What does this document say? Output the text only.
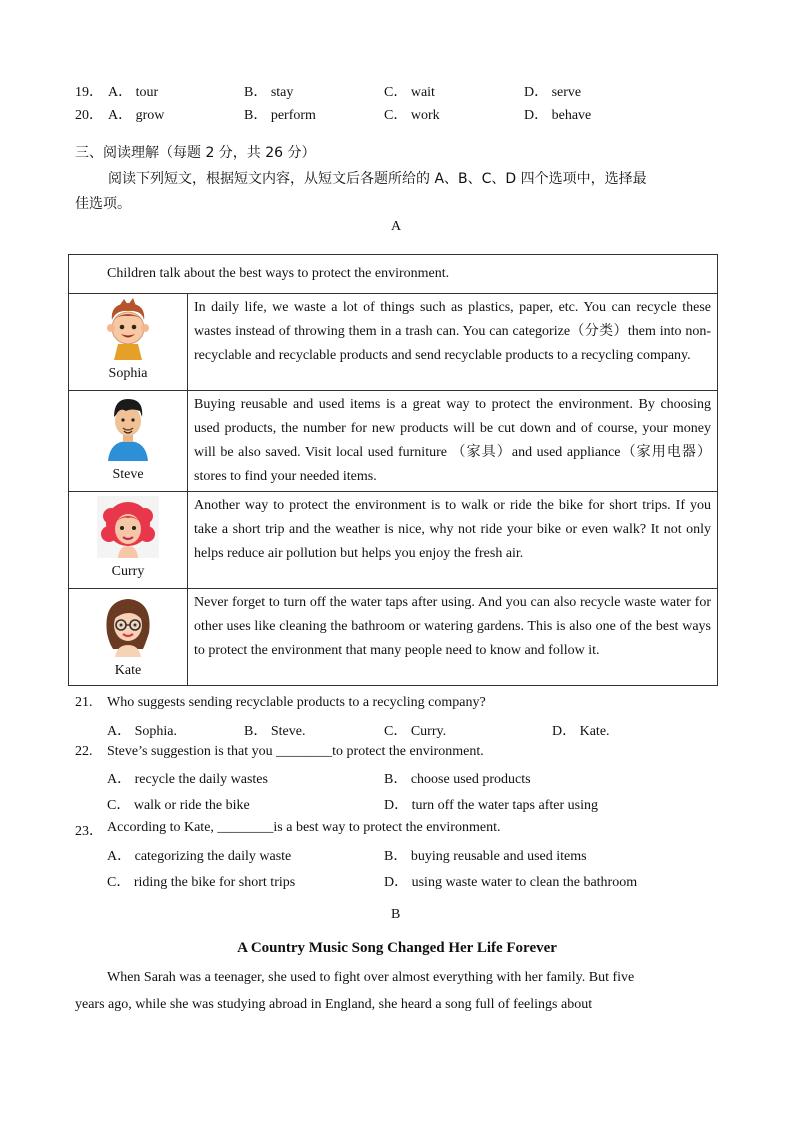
19． A． tour	B． stay	C． wait	D． serve
20． A． grow	B． perform	C． work	D． behave
三、阅读理解（每题 2 分，共 26 分）
阅读下列短文，根据短文内容，从短文后各题所给的 A、B、C、D 四个选项中，选择最
佳选项。
A
Children talk about the best ways to protect the environment.	

Sophia	In daily life, we waste a lot of things such as plastics, paper, etc. You can recycle these wastes instead of throwing them in a trash can. You can categorize（分类）them into non-recyclable and recyclable products and send recyclable products to a recycling company.

Steve	Buying reusable and used items is a great way to protect the environment. By choosing used products, the number for new products will be cut down and of course, your money will be also saved. Visit local used furniture （家具）and used appliance（家用电器）stores to find your needed items.

Curry	Another way to protect the environment is to walk or ride the bike for short trips. If you take a short trip and the weather is nice, why not ride your bike or even walk? It not only helps reduce air pollution but helps you enjoy the fresh air.

Kate	Never forget to turn off the water taps after using. And you can also recycle waste water for other uses like cleaning the bathroom or watering gardens. This is also one of the best ways to protect the environment that many people need to know and follow it.
21. Who suggests sending recyclable products to a recycling company?
A． Sophia.	B． Steve.	C． Curry.	D． Kate.
22. Steve’s suggestion is that you ________to protect the environment.
A． recycle the daily wastes	B． choose used products
C． walk or ride the bike	D． turn off the water taps after using
23． According to Kate, ________is a best way to protect the environment.
A． categorizing the daily waste	B． buying reusable and used items
C． riding the bike for short trips	D． using waste water to clean the bathroom
B
A Country Music Song Changed Her Life Forever
When Sarah was a teenager, she used to fight over almost everything with her family. But five
years ago, while she was studying abroad in England, she heard a song full of feelings about
